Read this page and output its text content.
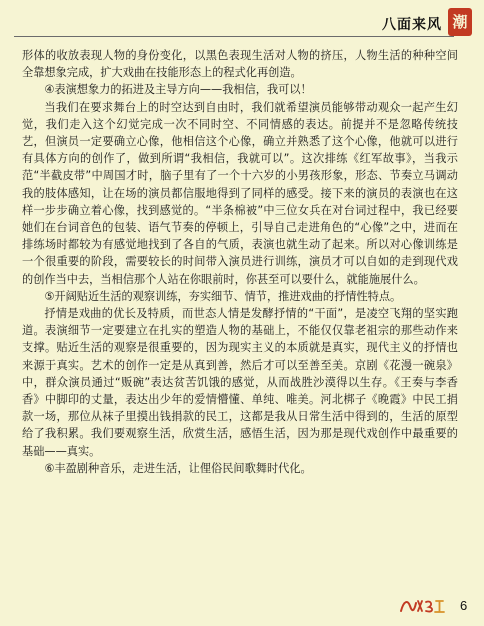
八面来风 潮

形体的收放表现人物的身份变化，以黑色表现生活对人物的挤压，人物生活的种种空间全靠想象完成，扩大戏曲在技能形态上的程式化再创造。

④表演想象力的拓进及主导方向——我相信，我可以！

当我们在要求舞台上的时空达到自由时，我们就希望演员能够带动观众一起产生幻觉，我们走入这个幻觉完成一次不同时空、不同情感的表达。前提并不是忽略传统技艺，但演员一定要确立心像，他相信这个心像，确立并熟悉了这个心像，他就可以进行有具体方向的创作了，做到所谓“我相信，我就可以”。这次排练《红军故事》，当我示范“半截皮带”中周国才时，脑子里有了一个十六岁的小男孩形象，形态、节奏立马调动我的肢体感知，让在场的演员都信服地得到了同样的感受。接下来的演员的表演也在这样一步步确立着心像，找到感觉的。“半条棉被”中三位女兵在对台词过程中，我已经要她们在台词音色的包装、语气节奏的停顿上，引导自己走进角色的“心像”之中，进而在排练场时都较为有感觉地找到了各自的气质，表演也就生动了起来。所以对心像训练是一个很重要的阶段，需要较长的时间带入演员进行训练，演员才可以自如的走到现代戏的创作当中去，当相信那个人站在你眼前时，你甚至可以要什么，就能施展什么。

⑤开阔贴近生活的观察训练，夯实细节、情节，推进戏曲的抒情性特点。

抒情是戏曲的优长及特质，而世态人情是发酵抒情的“干面”，是凌空飞翔的坚实跑道。表演细节一定要建立在扎实的塑造人物的基础上，不能仅仅靠老祖宗的那些动作来支撑。贴近生活的观察是很重要的，因为现实主义的本质就是真实，现代主义的抒情也来源于真实。艺术的创作一定是从真到善，然后才可以至善至美。京剧《花漫一碗泉》中，群众演员通过“贩碗”表达贫苦饥饿的感觉，从而战胜沙漠得以生存。《王奏与李香香》中脚印的丈量，表达出少年的爱情懵懂、单纯、唯美。河北梆子《晚霞》中民工捐款一场，那位从袜子里摸出钱捐款的民工，这都是我从日常生活中得到的，生活的原型给了我积累。我们要观察生活，欣赏生活，感悟生活，因为那是现代戏创作中最重要的基础——真实。

⑥丰盈剧种音乐，走进生活，让俚俗民间歌舞时代化。

6
